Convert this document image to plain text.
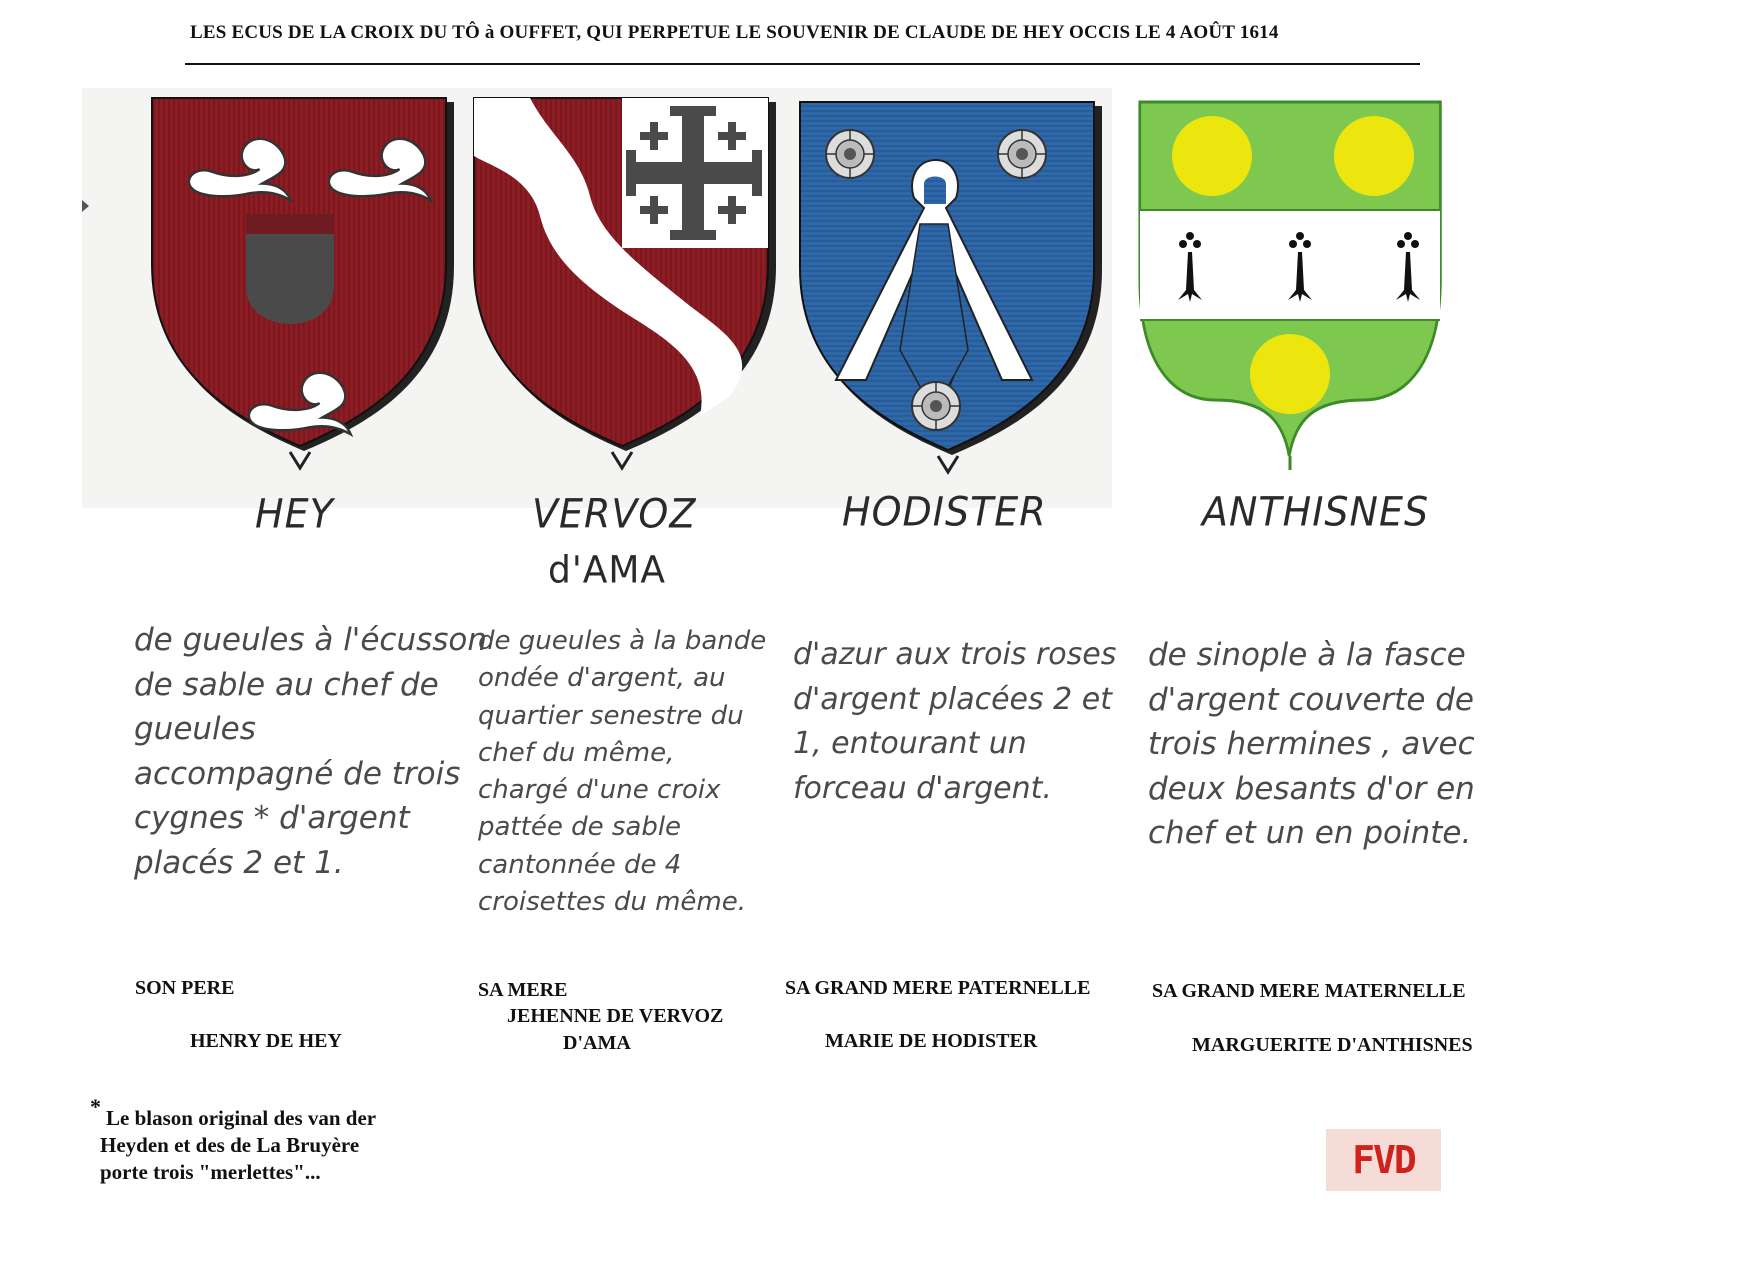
LES ECUS DE LA CROIX DU TÔ à OUFFET, QUI PERPETUE LE SOUVENIR DE CLAUDE DE HEY OCCIS LE 4 AOÛT 1614
HEY	VERVOZ
d'AMA
HODISTER	ANTHISNES
de gueules à l'écusson
de sable au chef de
gueules
accompagné de trois
cygnes * d'argent
placés 2 et 1.
de gueules à la bande
ondée d'argent, au
quartier senestre du
chef du même,
chargé d'une croix
pattée de sable
cantonnée de 4
croisettes du même.
d'azur aux trois roses
d'argent placées 2 et
1, entourant un
forceau d'argent.
de sinople à la fasce
d'argent couverte de
trois hermines , avec
deux besants d'or en
chef et un en pointe.
SON PERE
HENRY DE HEY
SA MERE
JEHENNE DE VERVOZ
D'AMA
SA GRAND MERE PATERNELLE
MARIE DE HODISTER
SA GRAND MERE MATERNELLE
MARGUERITE D'ANTHISNES
* Le blason original des van der
Heyden et des de La Bruyère
porte trois "merlettes"...	FVD
